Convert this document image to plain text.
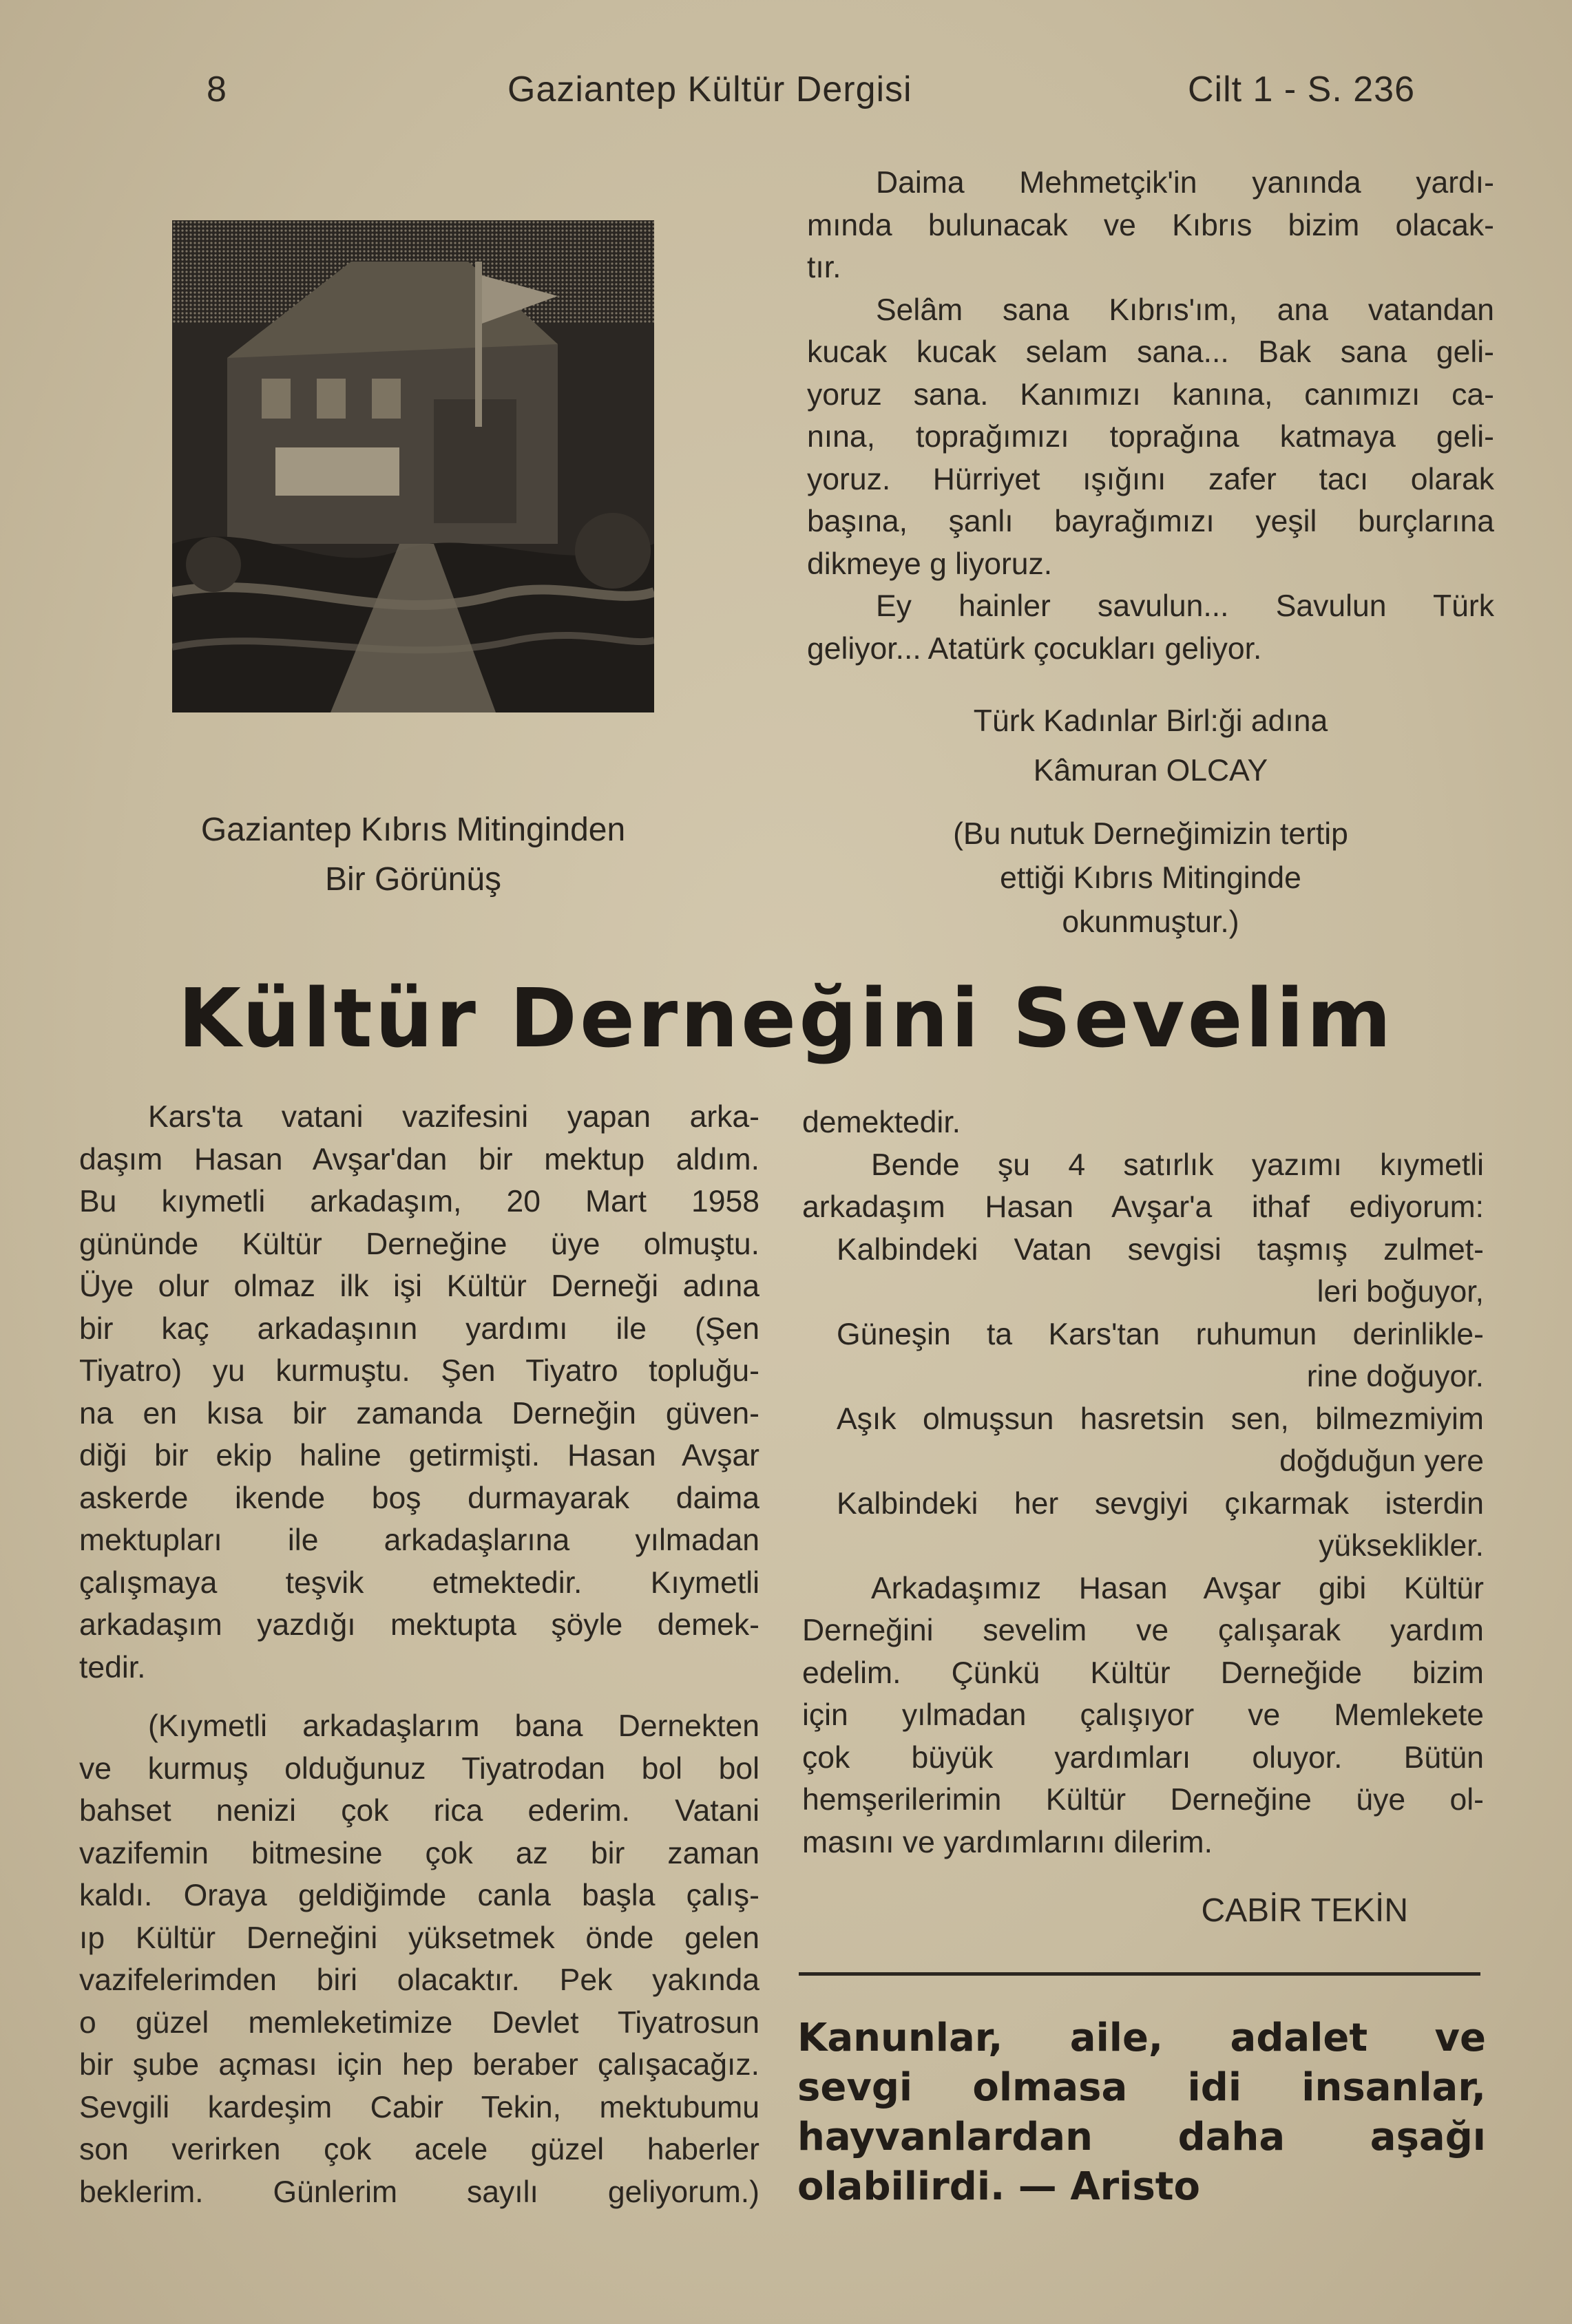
8	Gaziantep Kültür Dergisi	Cilt 1 - S. 236
Gaziantep Kıbrıs Mitinginden
Bir Görünüş

Daima Mehmetçik'in yanında yardı-

mında bulunacak ve Kıbrıs bizim olacak-

tır.

Selâm sana Kıbrıs'ım, ana vatandan

kucak kucak selam sana... Bak sana geli-

yoruz sana. Kanımızı kanına, canımızı ca-

nına, toprağımızı toprağına katmaya geli-

yoruz. Hürriyet ışığını zafer tacı olarak

başına, şanlı bayrağımızı yeşil burçlarına

dikmeye g liyoruz.

Ey hainler savulun... Savulun Türk

geliyor... Atatürk çocukları geliyor.

Türk Kadınlar Birl:ği adına

Kâmuran OLCAY

(Bu nutuk Derneğimizin tertip

ettiği Kıbrıs Mitinginde

okunmuştur.)

Kültür Derneğini Sevelim

Kars'ta vatani vazifesini yapan arka-

daşım Hasan Avşar'dan bir mektup aldım.

Bu kıymetli arkadaşım, 20 Mart 1958

gününde Kültür Derneğine üye olmuştu.

Üye olur olmaz ilk işi Kültür Derneği adına

bir kaç arkadaşının yardımı ile (Şen

Tiyatro) yu kurmuştu. Şen Tiyatro topluğu-

na en kısa bir zamanda Derneğin güven-

diği bir ekip haline getirmişti. Hasan Avşar

askerde ikende boş durmayarak daima

mektupları ile arkadaşlarına yılmadan

çalışmaya teşvik etmektedir. Kıymetli

arkadaşım yazdığı mektupta şöyle demek-

tedir.

(Kıymetli arkadaşlarım bana Dernekten

ve kurmuş olduğunuz Tiyatrodan bol bol

bahset nenizi çok rica ederim. Vatani

vazifemin bitmesine çok az bir zaman

kaldı. Oraya geldiğimde canla başla çalış-

ıp Kültür Derneğini yüksetmek önde gelen

vazifelerimden biri olacaktır. Pek yakında

o güzel memleketimize Devlet Tiyatrosun

bir şube açması için hep beraber çalışacağız.

Sevgili kardeşim Cabir Tekin, mektubumu

son verirken çok acele güzel haberler

beklerim. Günlerim sayılı geliyorum.)

demektedir.

Bende şu 4 satırlık yazımı kıymetli

arkadaşım Hasan Avşar'a ithaf ediyorum:

Kalbindeki Vatan sevgisi taşmış zulmet-

leri boğuyor,

Güneşin ta Kars'tan ruhumun derinlikle-

rine doğuyor.

Aşık olmuşsun hasretsin sen, bilmezmiyim

doğduğun yere

Kalbindeki her sevgiyi çıkarmak isterdin

yükseklikler.

Arkadaşımız Hasan Avşar gibi Kültür

Derneğini sevelim ve çalışarak yardım

edelim. Çünkü Kültür Derneğide bizim

için yılmadan çalışıyor ve Memlekete

çok büyük yardımları oluyor. Bütün

hemşerilerimin Kültür Derneğine üye ol-

masını ve yardımlarını dilerim.

CABİR TEKİN

Kanunlar, aile, adalet ve

sevgi olmasa idi insanlar,

hayvanlardan daha aşağı

olabilirdi. — Aristo
